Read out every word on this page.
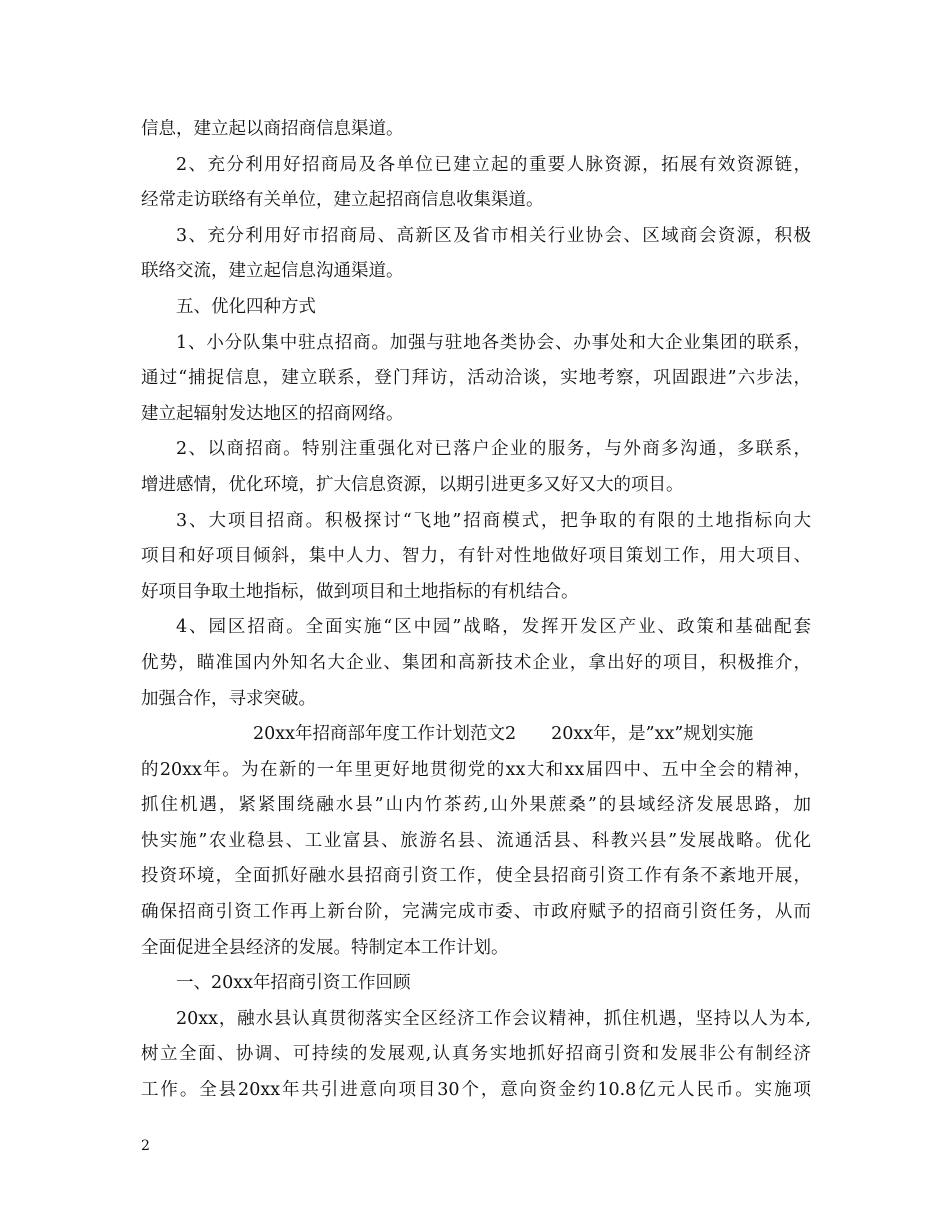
信息，建立起以商招商信息渠道。
2、充分利用好招商局及各单位已建立起的重要人脉资源，拓展有效资源链，
经常走访联络有关单位，建立起招商信息收集渠道。
3、充分利用好市招商局、高新区及省市相关行业协会、区域商会资源，积极
联络交流，建立起信息沟通渠道。
五、优化四种方式
1、小分队集中驻点招商。加强与驻地各类协会、办事处和大企业集团的联系，
通过“捕捉信息，建立联系，登门拜访，活动洽谈，实地考察，巩固跟进”六步法，
建立起辐射发达地区的招商网络。
2、以商招商。特别注重强化对已落户企业的服务，与外商多沟通，多联系，
增进感情，优化环境，扩大信息资源，以期引进更多又好又大的项目。
3、大项目招商。积极探讨“飞地”招商模式，把争取的有限的土地指标向大
项目和好项目倾斜，集中人力、智力，有针对性地做好项目策划工作，用大项目、
好项目争取土地指标，做到项目和土地指标的有机结合。
4、园区招商。全面实施“区中园”战略，发挥开发区产业、政策和基础配套
优势，瞄准国内外知名大企业、集团和高新技术企业，拿出好的项目，积极推介，
加强合作，寻求突破。
20xx年招商部年度工作计划范文2　　20xx年，是”xx”规划实施
的20xx年。为在新的一年里更好地贯彻党的xx大和xx届四中、五中全会的精神，
抓住机遇，紧紧围绕融水县”山内竹茶药,山外果蔗桑”的县域经济发展思路，加
快实施”农业稳县、工业富县、旅游名县、流通活县、科教兴县”发展战略。优化
投资环境，全面抓好融水县招商引资工作，使全县招商引资工作有条不紊地开展，
确保招商引资工作再上新台阶，完满完成市委、市政府赋予的招商引资任务，从而
全面促进全县经济的发展。特制定本工作计划。
一、20xx年招商引资工作回顾
20xx，融水县认真贯彻落实全区经济工作会议精神，抓住机遇，坚持以人为本,
树立全面、协调、可持续的发展观,认真务实地抓好招商引资和发展非公有制经济
工作。全县20xx年共引进意向项目30个，意向资金约10.8亿元人民币。实施项
2
